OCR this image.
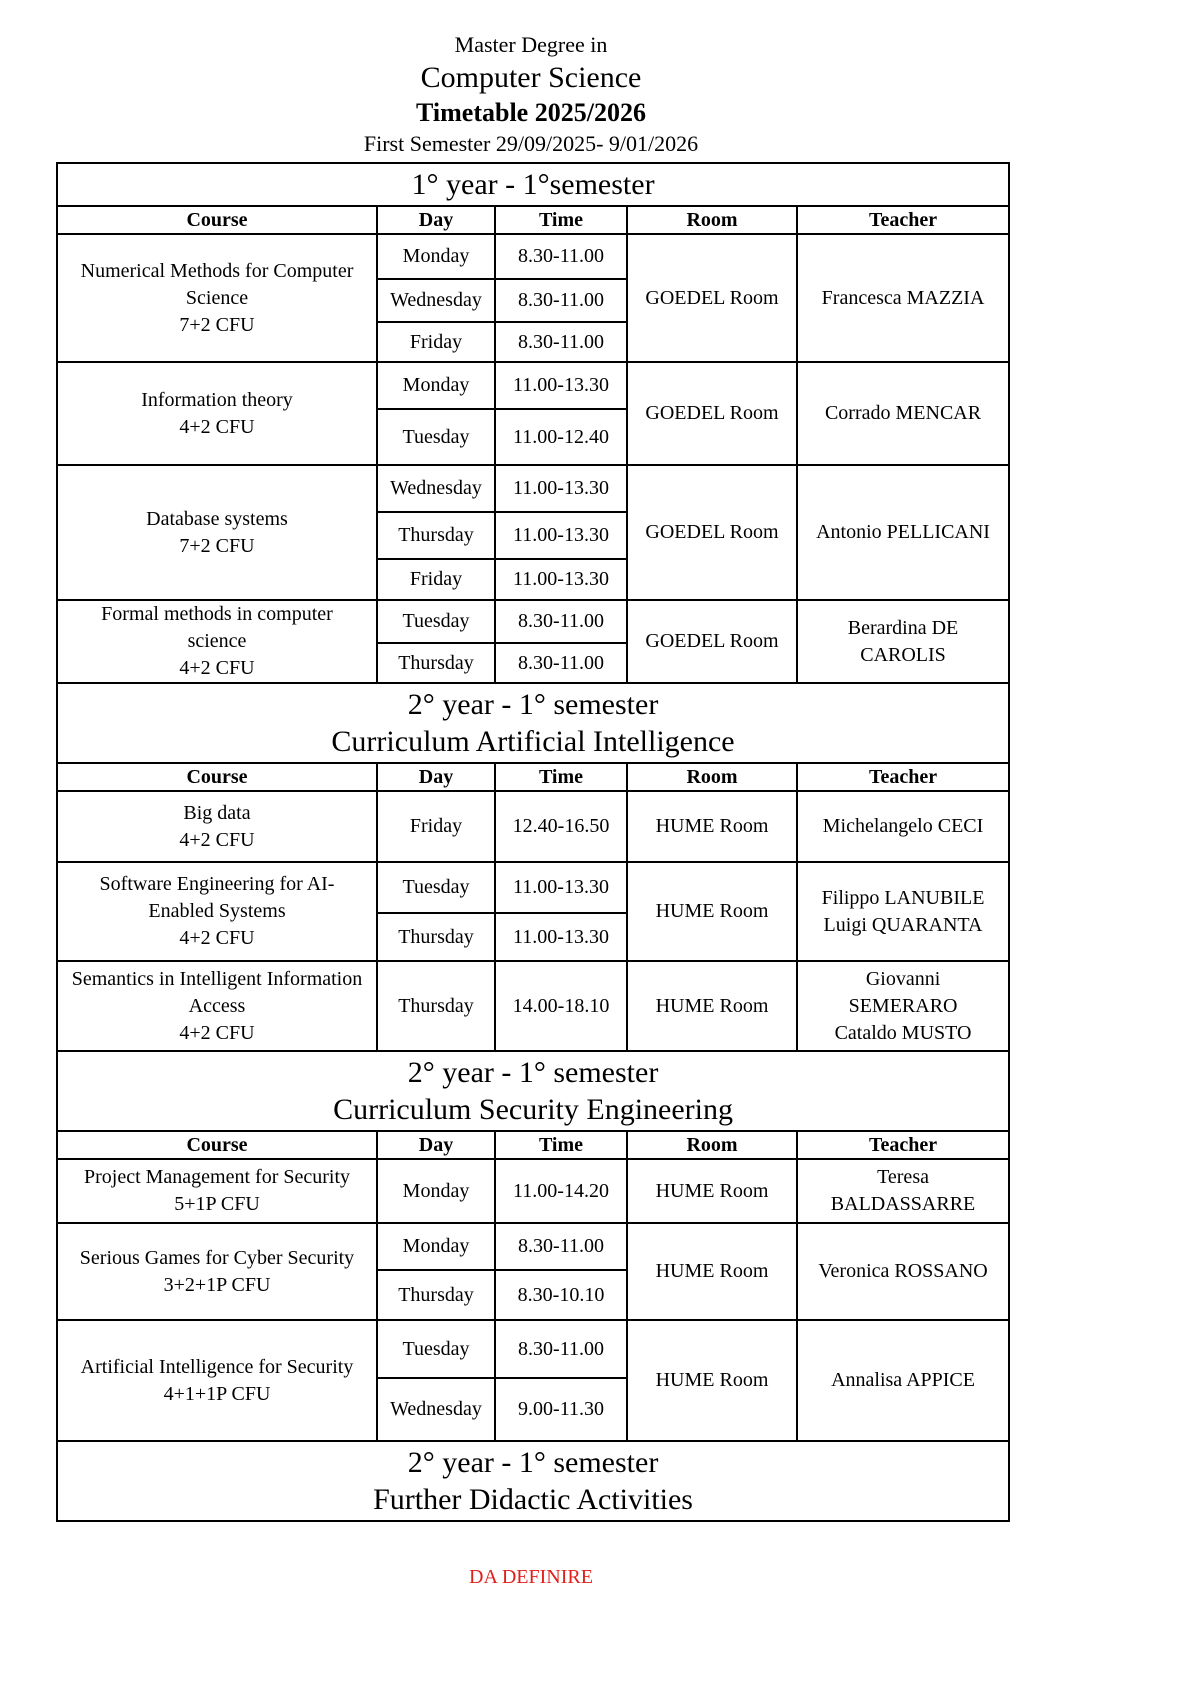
Master Degree in
Computer Science
Timetable 2025/2026
First Semester 29/09/2025- 9/01/2026
1° year - 1°semester				

Course	Day	Time	Room	Teacher

Numerical Methods for Computer
Science
7+2 CFU	Monday	8.30-11.00	GOEDEL Room	Francesca MAZZIA

	Wednesday	8.30-11.00		
	Friday	8.30-11.00		

Information theory
4+2 CFU	Monday	11.00-13.30	GOEDEL Room	Corrado MENCAR

	Tuesday	11.00-12.40		

Database systems
7+2 CFU	Wednesday	11.00-13.30	GOEDEL Room	Antonio PELLICANI

	Thursday	11.00-13.30		
	Friday	11.00-13.30		

Formal methods in computer
science
4+2 CFU	Tuesday	8.30-11.00	GOEDEL Room	Berardina DE
CAROLIS

	Thursday	8.30-11.00		

2° year - 1° semester
Curriculum Artificial Intelligence				

Course	Day	Time	Room	Teacher

Big data
4+2 CFU	Friday	12.40-16.50	HUME Room	Michelangelo CECI

Software Engineering for AI-
Enabled Systems
4+2 CFU	Tuesday	11.00-13.30	HUME Room	Filippo LANUBILE
Luigi QUARANTA

	Thursday	11.00-13.30		

Semantics in Intelligent Information
Access
4+2 CFU	Thursday	14.00-18.10	HUME Room	Giovanni
SEMERARO
Cataldo MUSTO

2° year - 1° semester
Curriculum Security Engineering				

Course	Day	Time	Room	Teacher

Project Management for Security
5+1P CFU	Monday	11.00-14.20	HUME Room	Teresa
BALDASSARRE

Serious Games for Cyber Security
3+2+1P CFU	Monday	8.30-11.00	HUME Room	Veronica ROSSANO

	Thursday	8.30-10.10		

Artificial Intelligence for Security
4+1+1P CFU	Tuesday	8.30-11.00	HUME Room	Annalisa APPICE

	Wednesday	9.00-11.30		

2° year - 1° semester
Further Didactic Activities				
DA DEFINIRE
